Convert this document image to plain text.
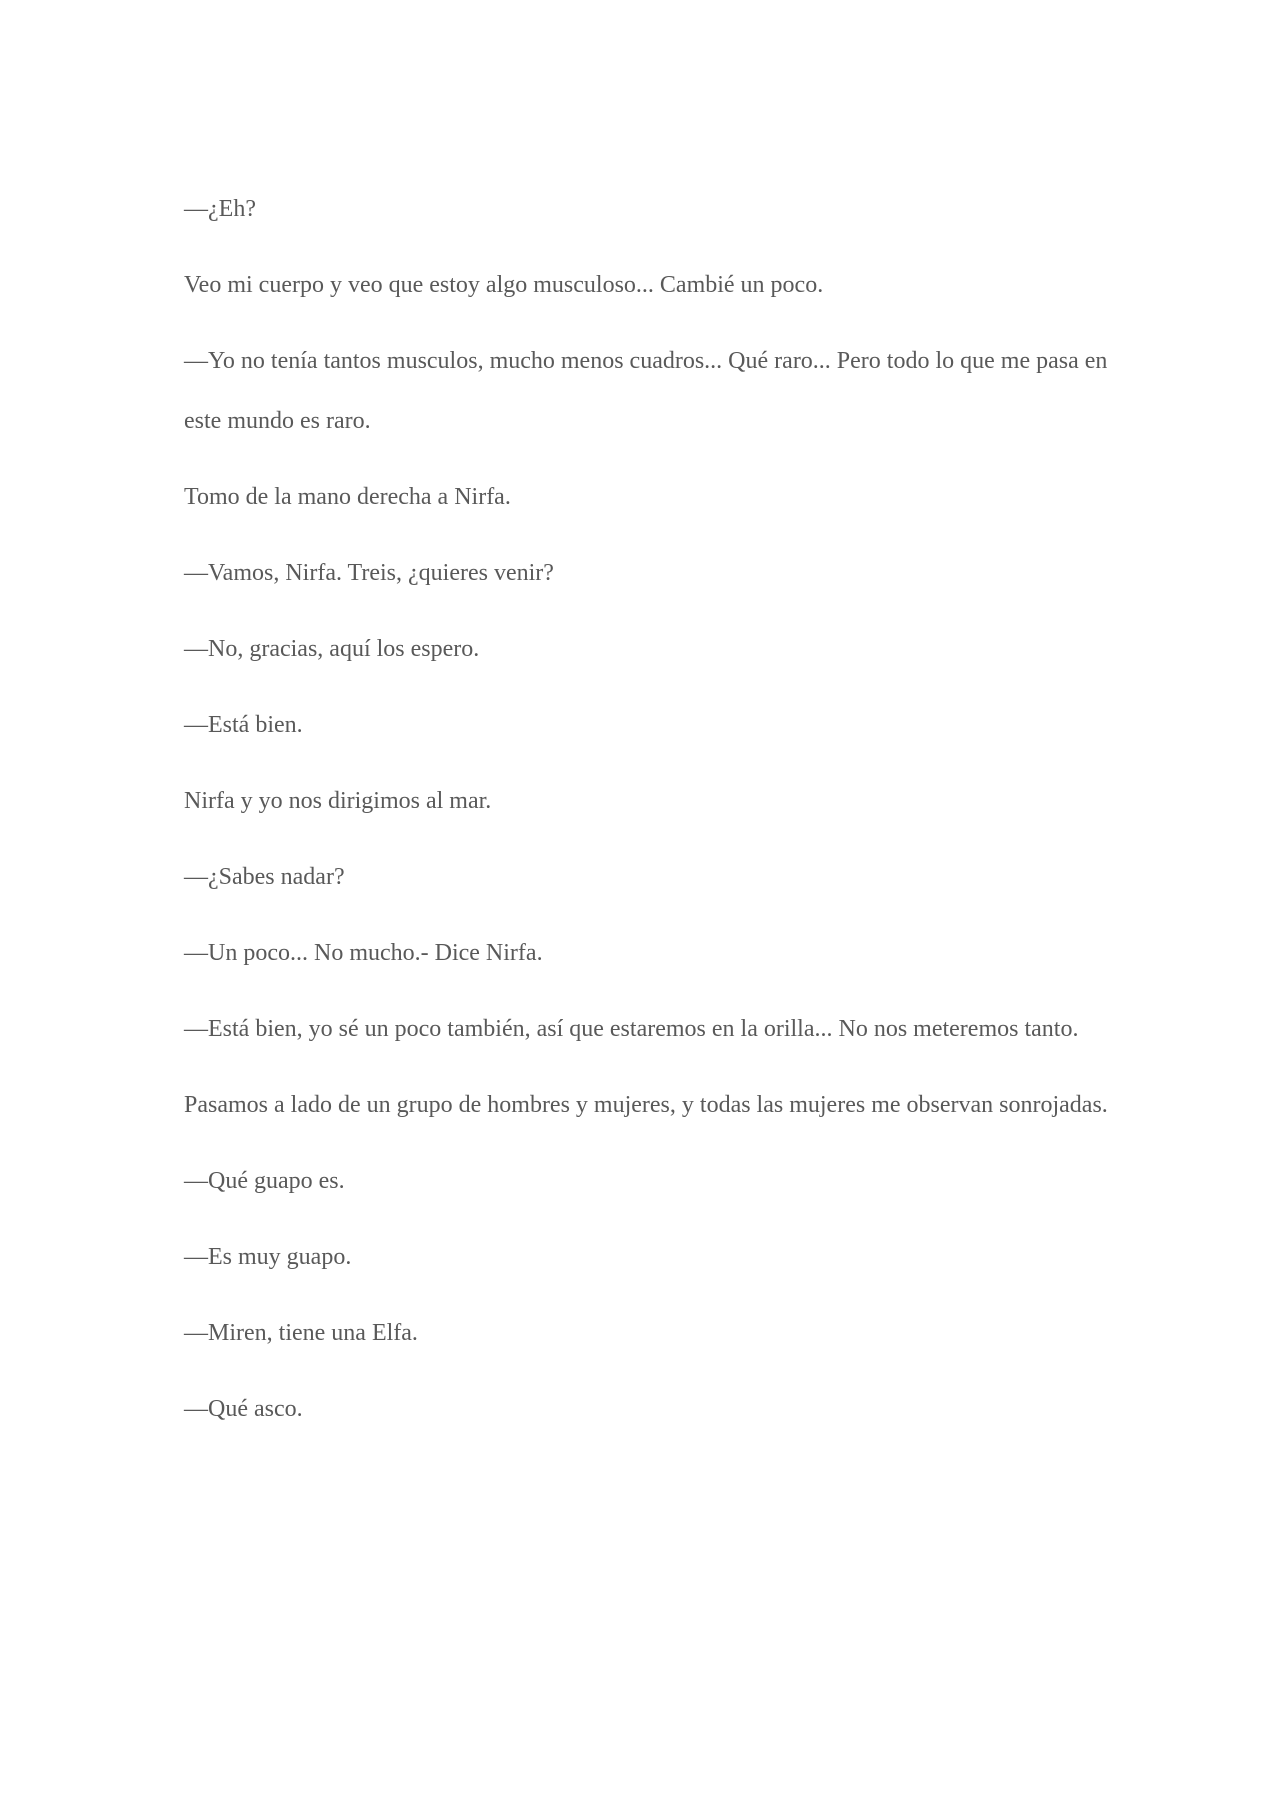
—¿Eh?

Veo mi cuerpo y veo que estoy algo musculoso... Cambié un poco.

—Yo no tenía tantos musculos, mucho menos cuadros... Qué raro... Pero todo lo que me pasa en este mundo es raro.

Tomo de la mano derecha a Nirfa.

—Vamos, Nirfa. Treis, ¿quieres venir?

—No, gracias, aquí los espero.

—Está bien.

Nirfa y yo nos dirigimos al mar.

—¿Sabes nadar?

—Un poco... No mucho.- Dice Nirfa.

—Está bien, yo sé un poco también, así que estaremos en la orilla... No nos meteremos tanto.

Pasamos a lado de un grupo de hombres y mujeres, y todas las mujeres me observan sonrojadas.

—Qué guapo es.

—Es muy guapo.

—Miren, tiene una Elfa.

—Qué asco.
